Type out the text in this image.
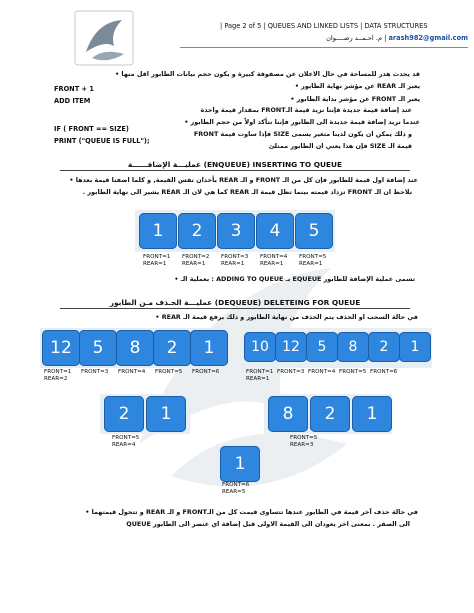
| Page 2 of 5 | QUEUES AND LINKED LISTS | DATA STRUCTURES
م. احـمــد رضــــوان | arash982@gmail.com
قد يحدث هدر للمساحة في حال الاعلان عن مصفوفة كبيرة و يكون حجم بيانات الطابور اقل منها •
يعبر الـ REAR عن مؤشر نهاية الطابور •
يعبر الـ FRONT عن مؤشر بداية الطابور •
عند إضافة قيمة جديدة فإننا نزيد قيمة الـFRONT بمقدار قيمة واحدة
عندما نريد إضافة قيمة جديدة الى الطابور فإننا نتأكد اولاً من حجم الطابور •
و ذلك يمكن ان يكون لدينا متغير يسمى SIZE فإذا ساوت قيمة FRONT
قيمة الـ SIZE فإن هذا يعني ان الطابور ممتلئ
FRONT + 1
ADD ITEM
IF ( FRONT == SIZE)
PRINT ("QUEUE IS FULL");
عمليـــة الإضافــــــة (ENQUEUE) INSERTING TO QUEUE
عند إضافة اول قيمة للطابور فإن كل من الـ FRONT و الـ REAR يأخذان نفس القيمة, و كلما اضفنا قيمة بعدها •
نلاحظ ان الـ FRONT تزداد قيمته بينما تظل قيمة الـ REAR كما هي لان الـ REAR يشير الى نهاية الطابور .
1	2	3	4	5
FRONT=1
REAR=1
FRONT=2
REAR=1
FRONT=3
REAR=1
FRONT=4
REAR=1
FRONT=5
REAR=1
تسمى عملية الإضافة للطابور EQUEUE بـ ADDING TO QUEUE : بعملية الـ •
عمليـــة الحـذف مـن الطابور (DEQUEUE) DELETEING FOR QUEUE
في حالة السحب او الحذف يتم الحذف من نهاية الطابور و ذلك برفع قيمة الـ REAR •
12	5	8	2	1
FRONT=1
REAR=2
FRONT=3 FRONT=4 FRONT=5 FRONT=6
10 12	5	8	2	1
FRONT=1
REAR=1
FRONT=3 FRONT=4 FRONT=5 FRONT=6
2	1
FRONT=5
REAR=4
8	2	1
FRONT=5
REAR=3
1
FRONT=6
REAR=5
في حالة حذف آخر قيمة في الطابور عندها تتساوى قيمت كل من الـFRONT و الـ REAR و تتحول قيمتهما •
الى الصفر . بمعنى اخر يعودان الى القيمة الاولى قبل إضافة اي عنصر الى الطابور QUEUE
